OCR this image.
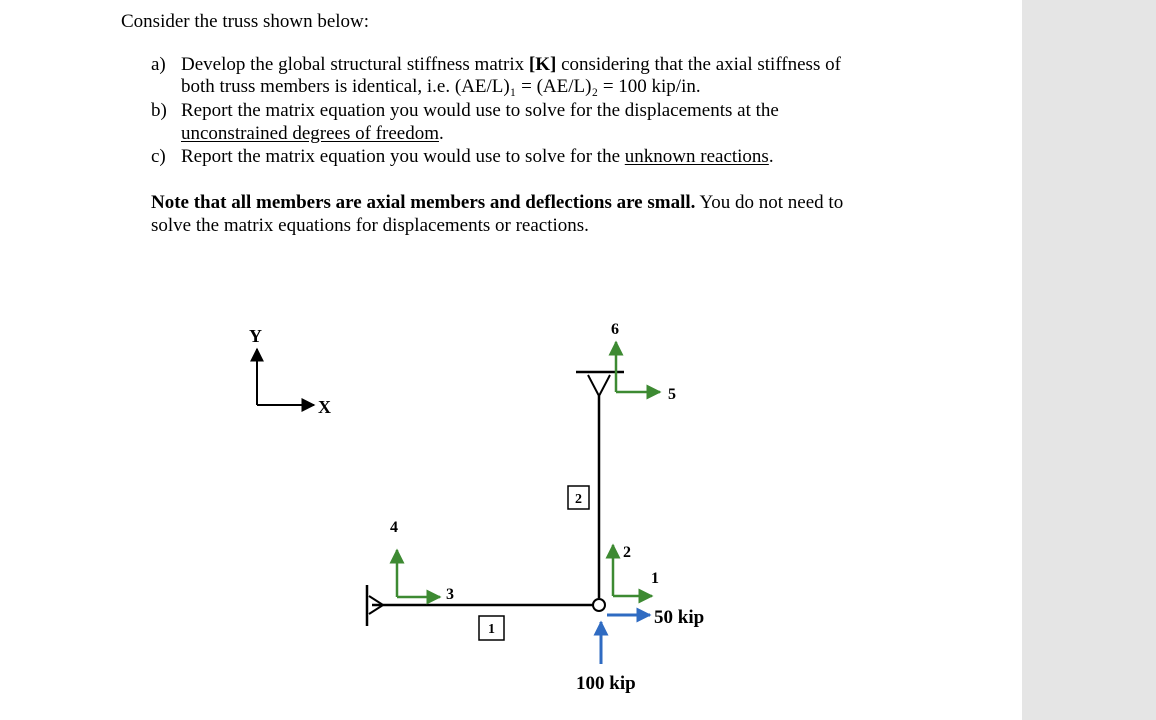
Consider the truss shown below:
a) Develop the global structural stiffness matrix [K] considering that the axial stiffness of
both truss members is identical, i.e. (AE/L)₁ = (AE/L)₂ = 100 kip/in.
b) Report the matrix equation you would use to solve for the displacements at the
unconstrained degrees of freedom.
c) Report the matrix equation you would use to solve for the unknown reactions.
Note that all members are axial members and deflections are small. You do not need to
solve the matrix equations for displacements or reactions.
Y
X
1
2
3
4
5
6
2
1
50 kip
100 kip
